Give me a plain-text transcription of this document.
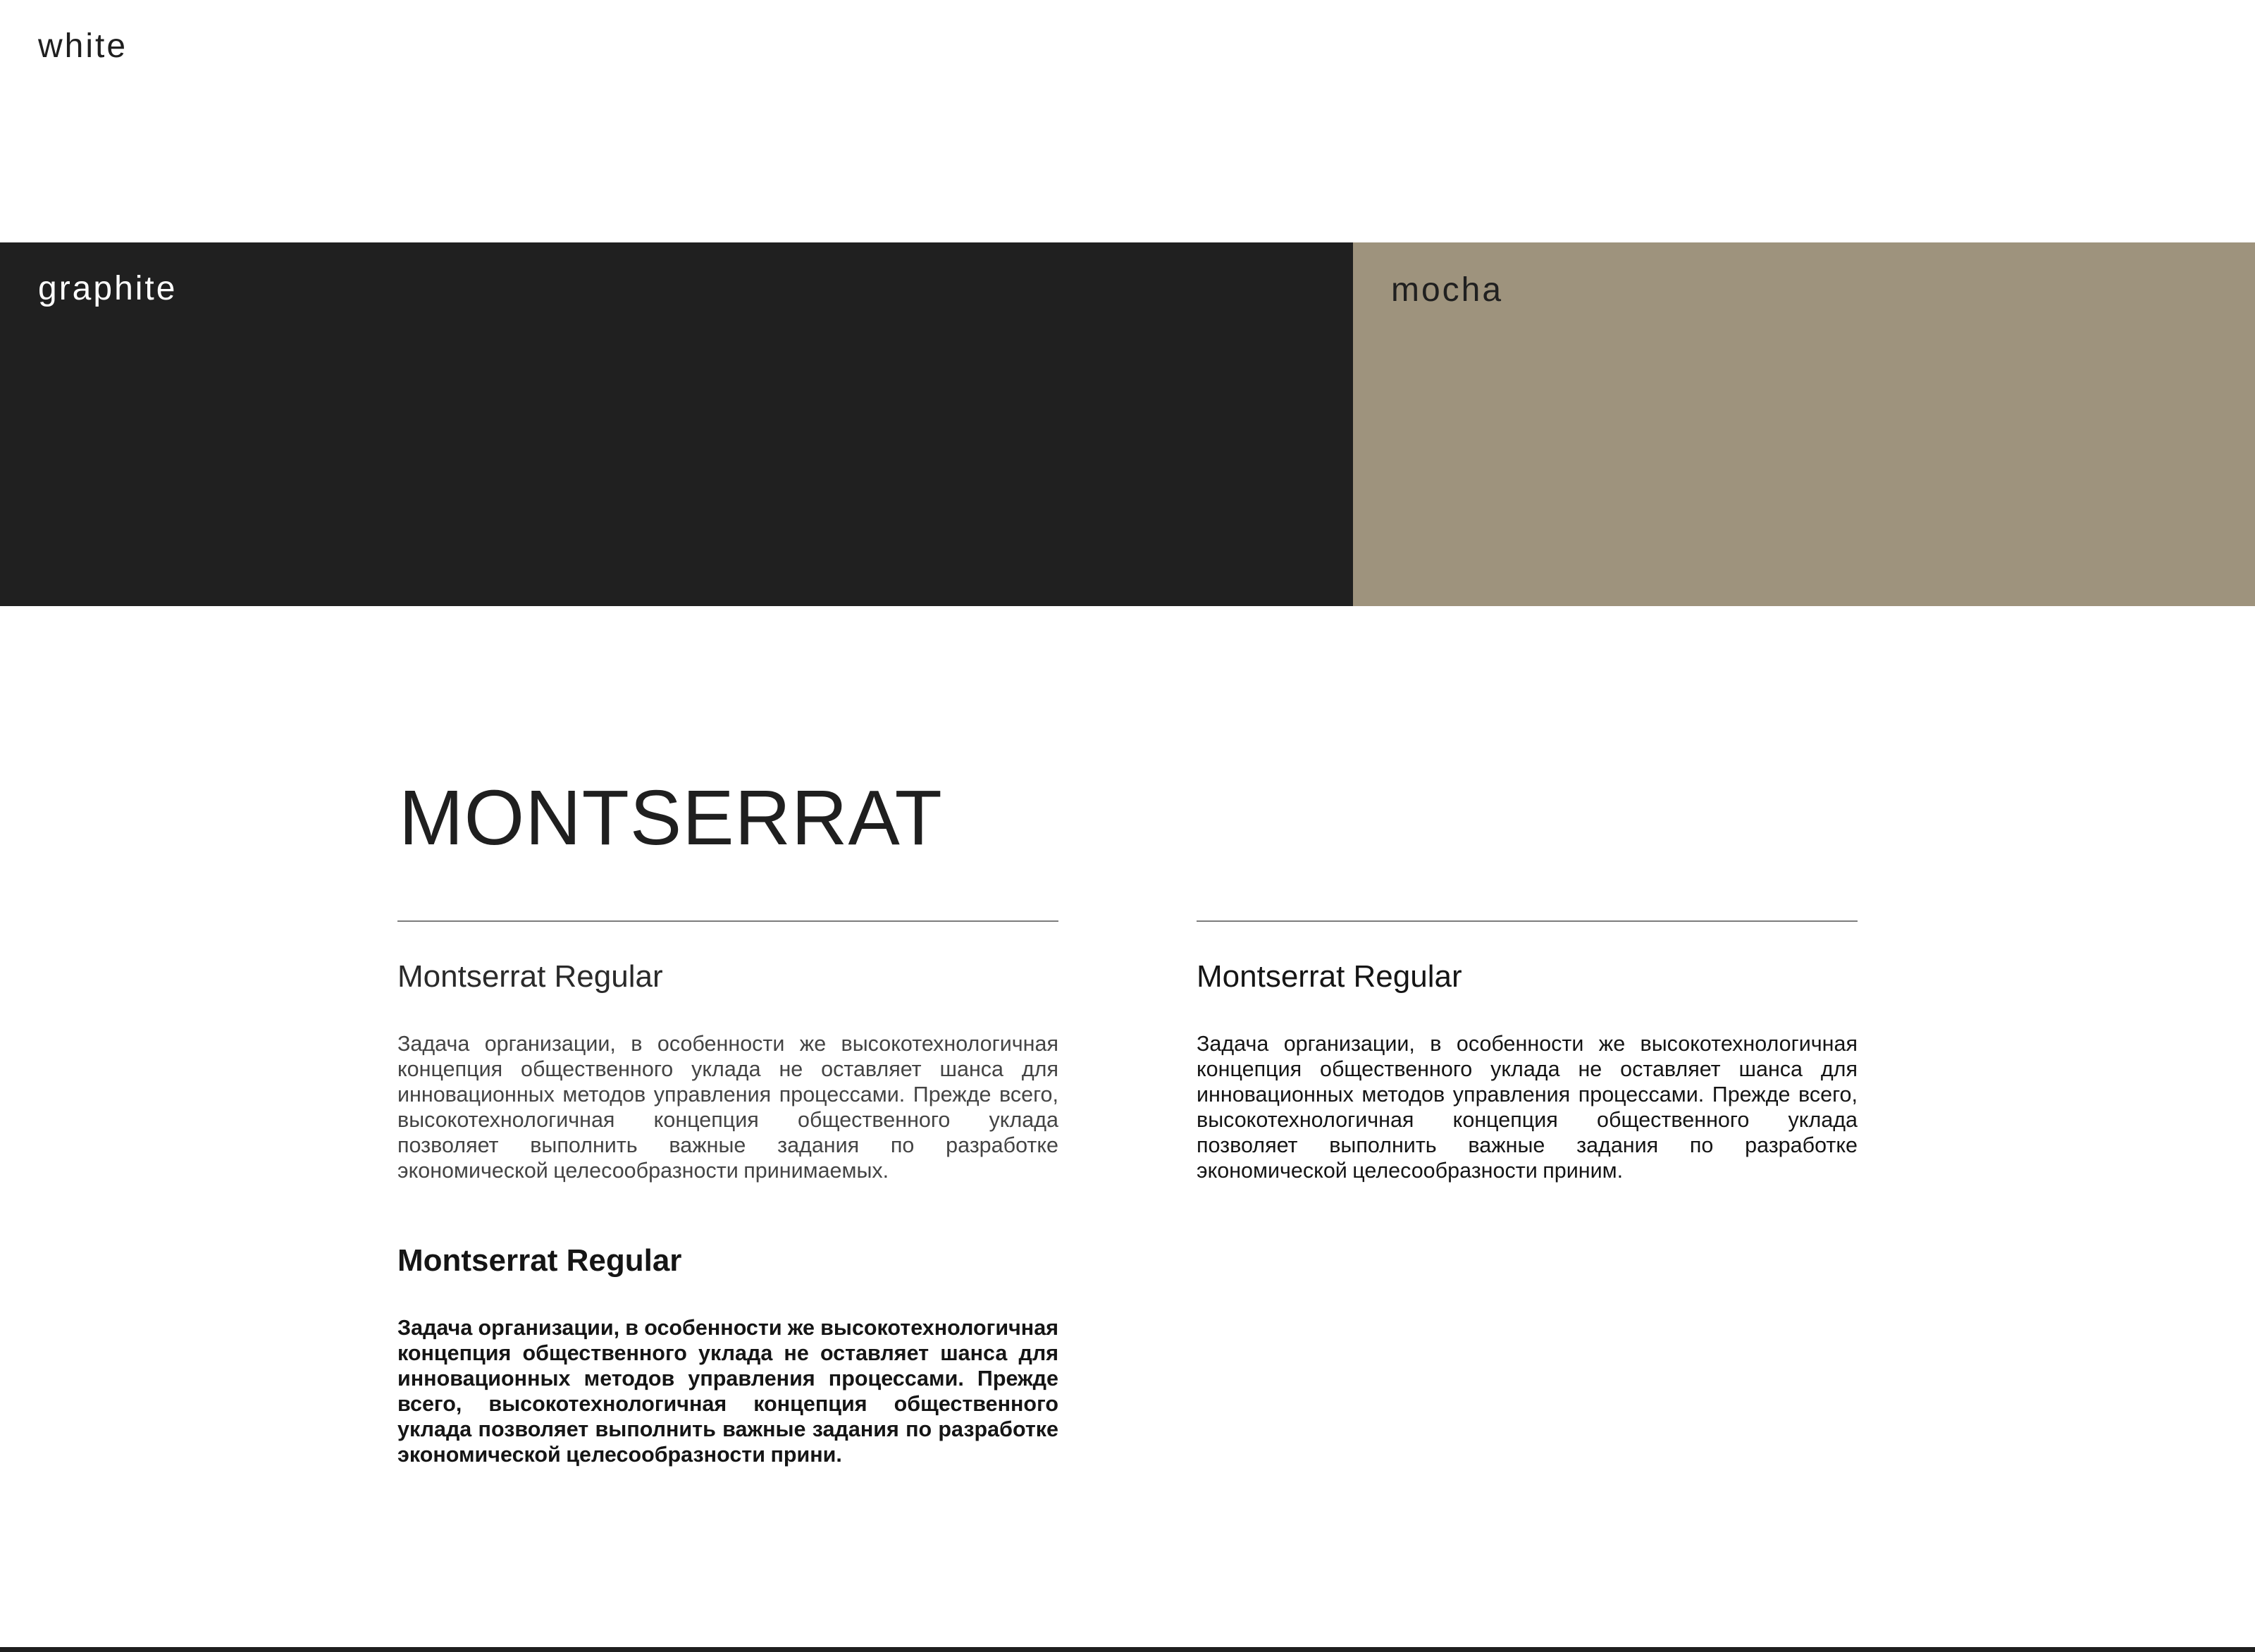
white
graphite	mocha
MONTSERRAT
Montserrat Regular
Задача организации, в особенности же высокотехнологичная концепция общественного уклада не оставляет шанса для инновационных методов управления процессами. Прежде всего, высокотехнологичная концепция общественного уклада позволяет выполнить важные задания по разработке экономической целесообразности принимаемых.
Montserrat Regular
Задача организации, в особенности же высокотехнологичная концепция общественного уклада не оставляет шанса для инновационных методов управления процессами. Прежде всего, высокотехнологичная концепция общественного уклада позволяет выполнить важные задания по разработке экономической целесообразности прини.
Montserrat Regular
Задача организации, в особенности же высокотехнологичная концепция общественного уклада не оставляет шанса для инновационных методов управления процессами. Прежде всего, высокотехнологичная концепция общественного уклада позволяет выполнить важные задания по разработке экономической целесообразности приним.
